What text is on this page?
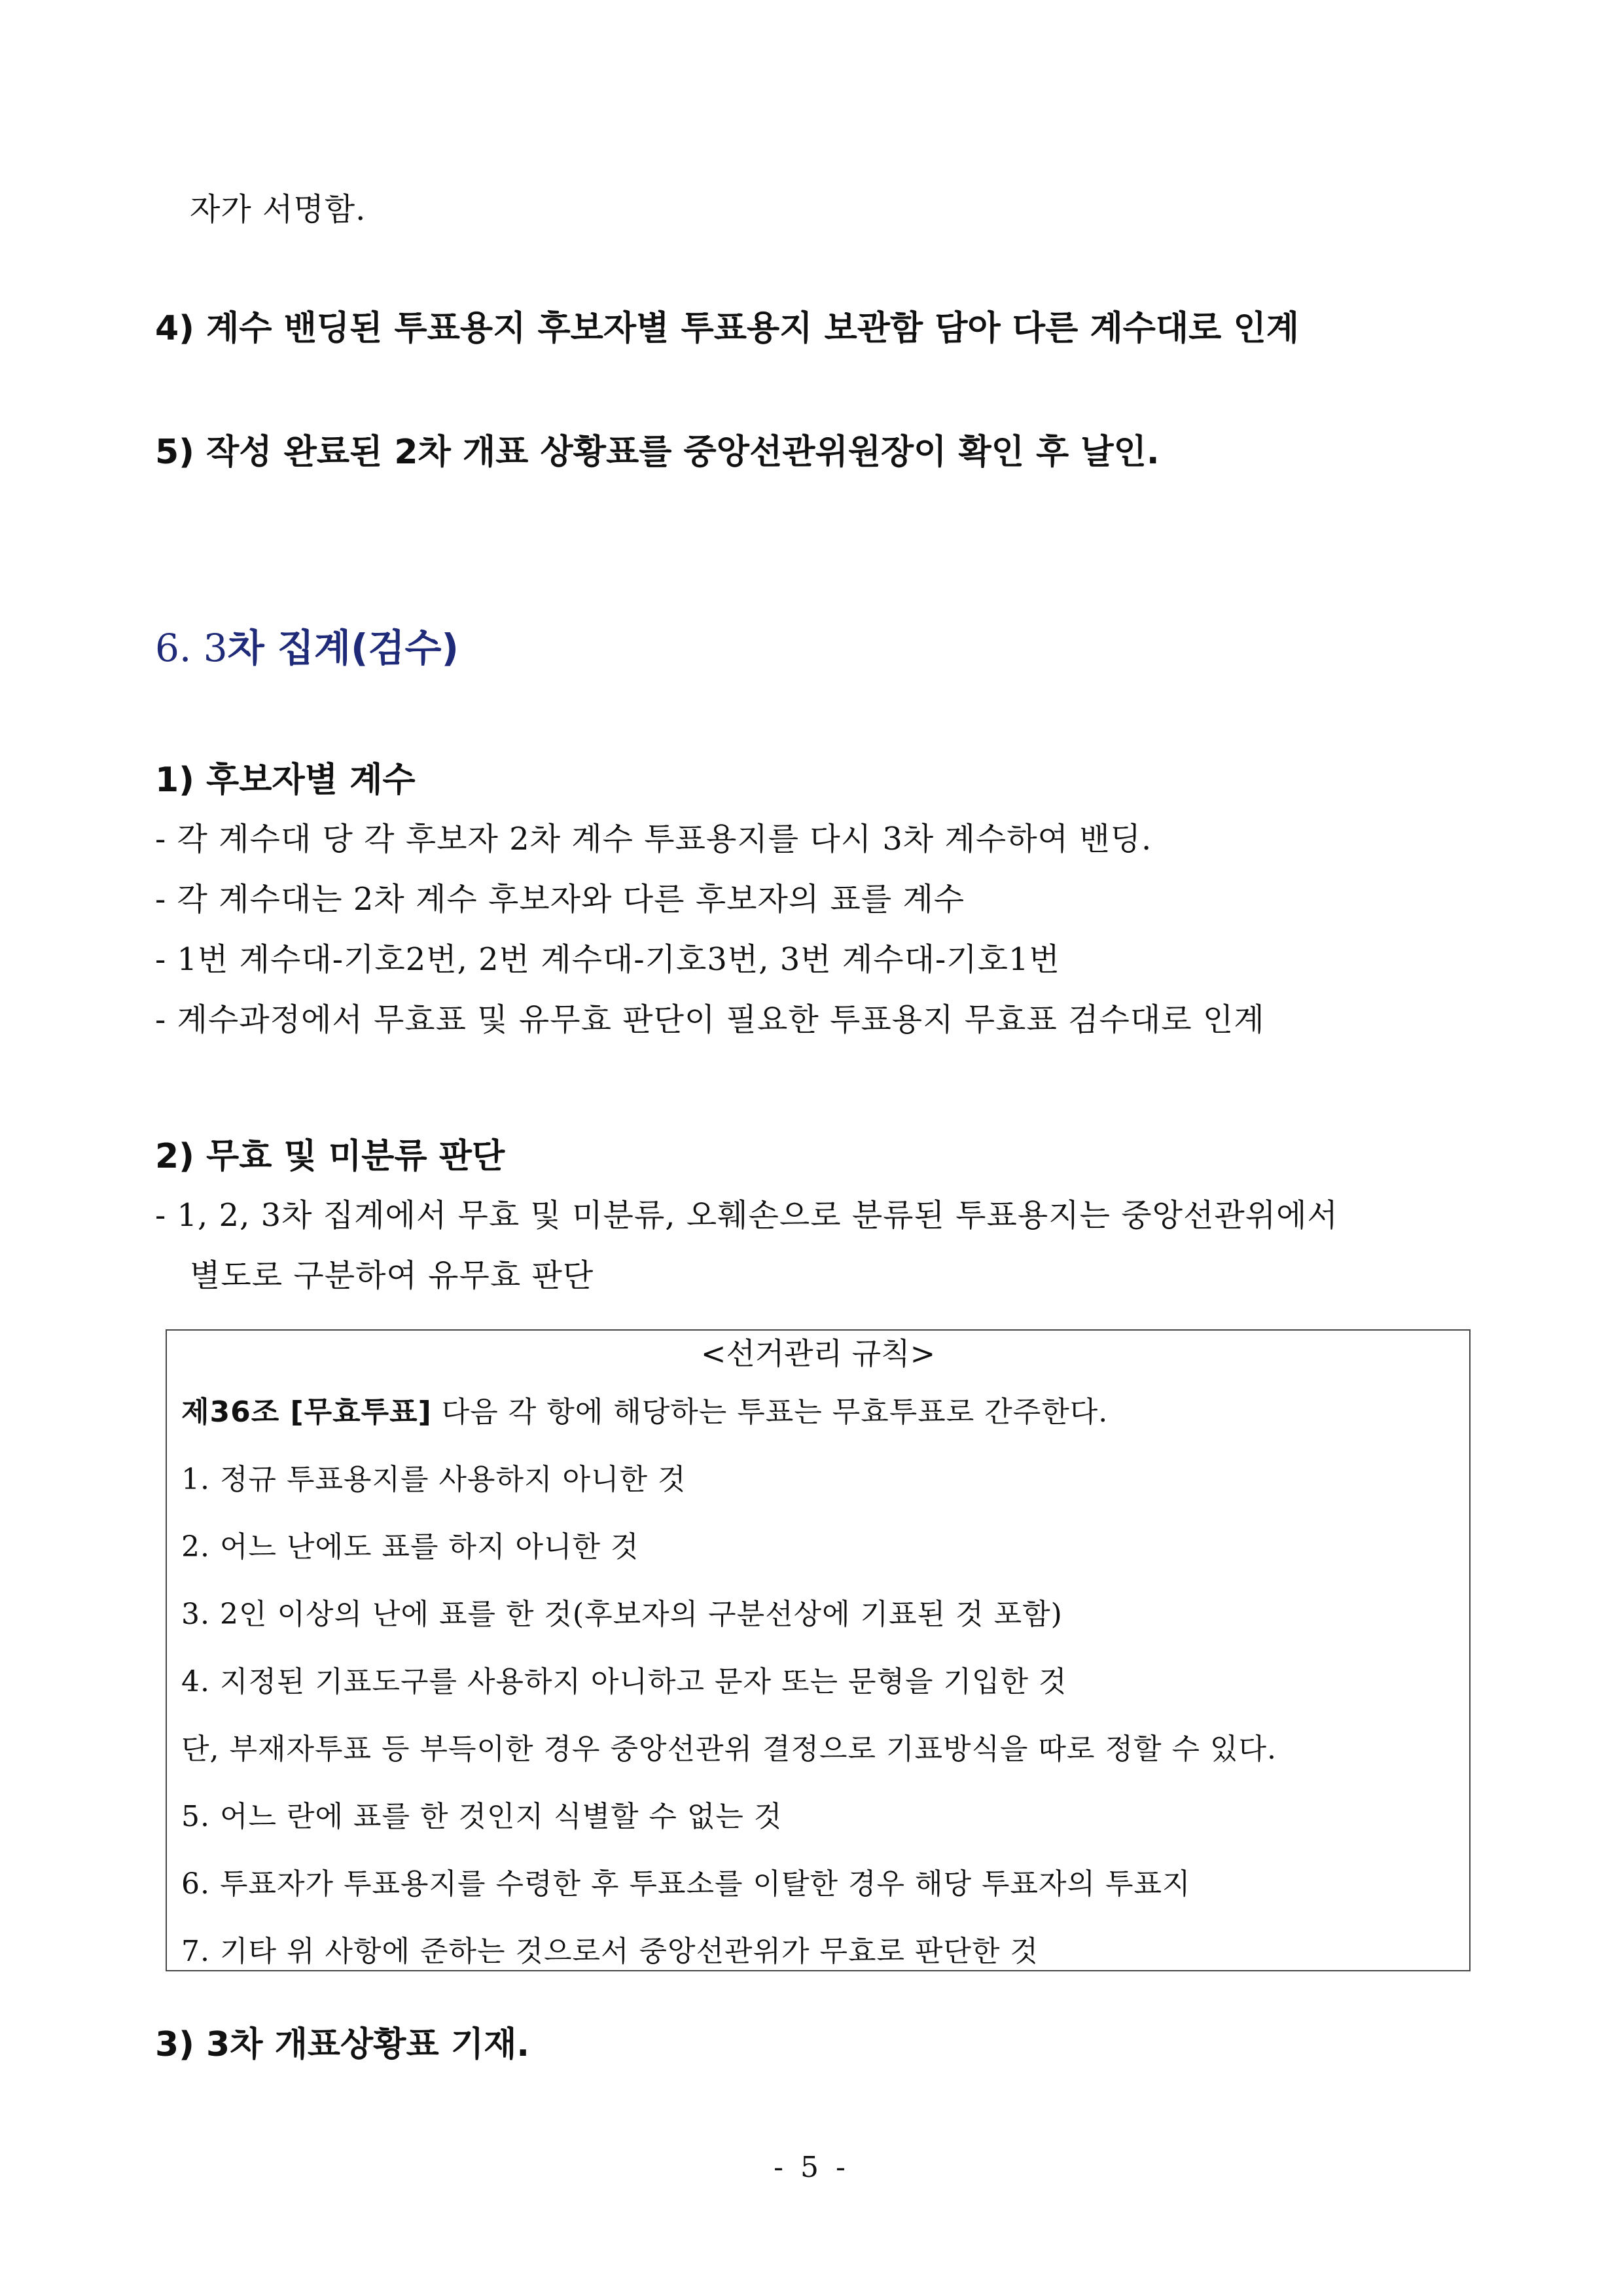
자가 서명함.
4) 계수 밴딩된 투표용지 후보자별 투표용지 보관함 담아 다른 계수대로 인계
5) 작성 완료된 2차 개표 상황표를 중앙선관위원장이 확인 후 날인.
6. 3차 집계(검수)
1) 후보자별 계수
- 각 계수대 당 각 후보자 2차 계수 투표용지를 다시 3차 계수하여 밴딩.
- 각 계수대는 2차 계수 후보자와 다른 후보자의 표를 계수
- 1번 계수대-기호2번, 2번 계수대-기호3번, 3번 계수대-기호1번
- 계수과정에서 무효표 및 유무효 판단이 필요한 투표용지 무효표 검수대로 인계
2) 무효 및 미분류 판단
- 1, 2, 3차 집계에서 무효 및 미분류, 오훼손으로 분류된 투표용지는 중앙선관위에서
별도로 구분하여 유무효 판단
<선거관리 규칙>
제36조 [무효투표] 다음 각 항에 해당하는 투표는 무효투표로 간주한다.
1. 정규 투표용지를 사용하지 아니한 것
2. 어느 난에도 표를 하지 아니한 것
3. 2인 이상의 난에 표를 한 것(후보자의 구분선상에 기표된 것 포함)
4. 지정된 기표도구를 사용하지 아니하고 문자 또는 문형을 기입한 것
단, 부재자투표 등 부득이한 경우 중앙선관위 결정으로 기표방식을 따로 정할 수 있다.
5. 어느 란에 표를 한 것인지 식별할 수 없는 것
6. 투표자가 투표용지를 수령한 후 투표소를 이탈한 경우 해당 투표자의 투표지
7. 기타 위 사항에 준하는 것으로서 중앙선관위가 무효로 판단한 것
3) 3차 개표상황표 기재.
- 5 -
